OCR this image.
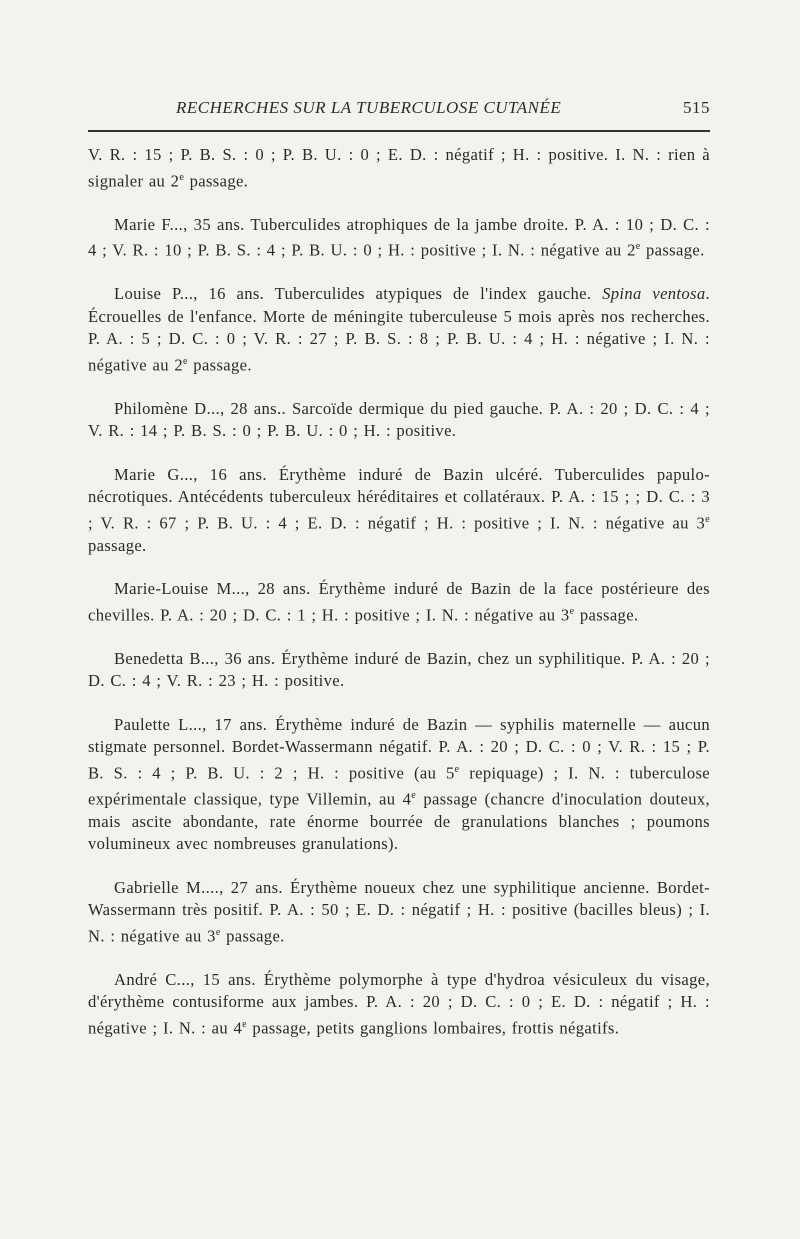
RECHERCHES SUR LA TUBERCULOSE CUTANÉE	515

V. R. : 15 ; P. B. S. : 0 ; P. B. U. : 0 ; E. D. : négatif ; H. : positive. I. N. : rien à signaler au 2e passage.

Marie F..., 35 ans. Tuberculides atrophiques de la jambe droite. P. A. : 10 ; D. C. : 4 ; V. R. : 10 ; P. B. S. : 4 ; P. B. U. : 0 ; H. : positive ; I. N. : négative au 2e passage.

Louise P..., 16 ans. Tuberculides atypiques de l'index gauche. Spina ventosa. Écrouelles de l'enfance. Morte de méningite tuberculeuse 5 mois après nos recherches. P. A. : 5 ; D. C. : 0 ; V. R. : 27 ; P. B. S. : 8 ; P. B. U. : 4 ; H. : négative ; I. N. : négative au 2e passage.

Philomène D..., 28 ans.. Sarcoïde dermique du pied gauche. P. A. : 20 ; D. C. : 4 ; V. R. : 14 ; P. B. S. : 0 ; P. B. U. : 0 ; H. : positive.

Marie G..., 16 ans. Érythème induré de Bazin ulcéré. Tuberculides papulo-nécrotiques. Antécédents tuberculeux héréditaires et collatéraux. P. A. : 15 ; ; D. C. : 3 ; V. R. : 67 ; P. B. U. : 4 ; E. D. : négatif ; H. : positive ; I. N. : négative au 3e passage.

Marie-Louise M..., 28 ans. Érythème induré de Bazin de la face postérieure des chevilles. P. A. : 20 ; D. C. : 1 ; H. : positive ; I. N. : négative au 3e passage.

Benedetta B..., 36 ans. Érythème induré de Bazin, chez un syphilitique. P. A. : 20 ; D. C. : 4 ; V. R. : 23 ; H. : positive.

Paulette L..., 17 ans. Érythème induré de Bazin — syphilis maternelle — aucun stigmate personnel. Bordet-Wassermann négatif. P. A. : 20 ; D. C. : 0 ; V. R. : 15 ; P. B. S. : 4 ; P. B. U. : 2 ; H. : positive (au 5e repiquage) ; I. N. : tuberculose expérimentale classique, type Villemin, au 4e passage (chancre d'inoculation douteux, mais ascite abondante, rate énorme bourrée de granulations blanches ; poumons volumineux avec nombreuses granulations).

Gabrielle M...., 27 ans. Érythème noueux chez une syphilitique ancienne. Bordet-Wassermann très positif. P. A. : 50 ; E. D. : négatif ; H. : positive (bacilles bleus) ; I. N. : négative au 3e passage.

André C..., 15 ans. Érythème polymorphe à type d'hydroa vésiculeux du visage, d'érythème contusiforme aux jambes. P. A. : 20 ; D. C. : 0 ; E. D. : négatif ; H. : négative ; I. N. : au 4e passage, petits ganglions lombaires, frottis négatifs.
